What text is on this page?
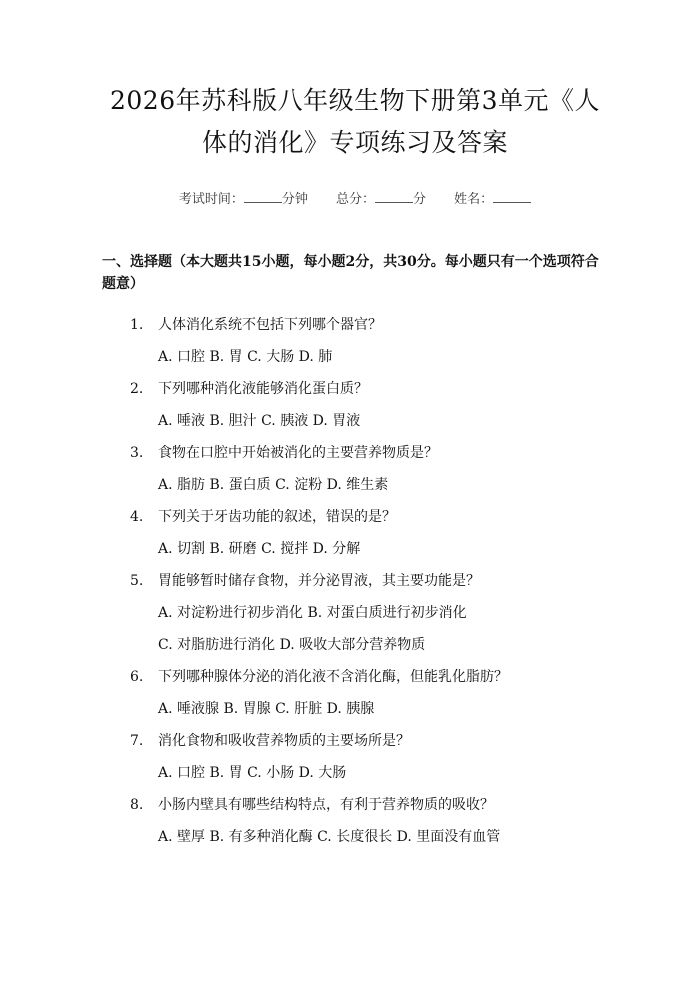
2026年苏科版八年级生物下册第3单元《人
体的消化》专项练习及答案
考试时间：	分钟 总分：	分 姓名：
一、选择题（本大题共15小题，每小题2分，共30分。每小题只有一个选项符合题意）
1.	人体消化系统不包括下列哪个器官？
A. 口腔 B. 胃 C. 大肠 D. 肺
2.	下列哪种消化液能够消化蛋白质？
A. 唾液 B. 胆汁 C. 胰液 D. 胃液
3.	食物在口腔中开始被消化的主要营养物质是？
A. 脂肪 B. 蛋白质 C. 淀粉 D. 维生素
4.	下列关于牙齿功能的叙述，错误的是？
A. 切割 B. 研磨 C. 搅拌 D. 分解
5.	胃能够暂时储存食物，并分泌胃液，其主要功能是？
A. 对淀粉进行初步消化 B. 对蛋白质进行初步消化
C. 对脂肪进行消化 D. 吸收大部分营养物质
6.	下列哪种腺体分泌的消化液不含消化酶，但能乳化脂肪？
A. 唾液腺 B. 胃腺 C. 肝脏 D. 胰腺
7.	消化食物和吸收营养物质的主要场所是？
A. 口腔 B. 胃 C. 小肠 D. 大肠
8.	小肠内壁具有哪些结构特点，有利于营养物质的吸收？
A. 壁厚 B. 有多种消化酶 C. 长度很长 D. 里面没有血管
